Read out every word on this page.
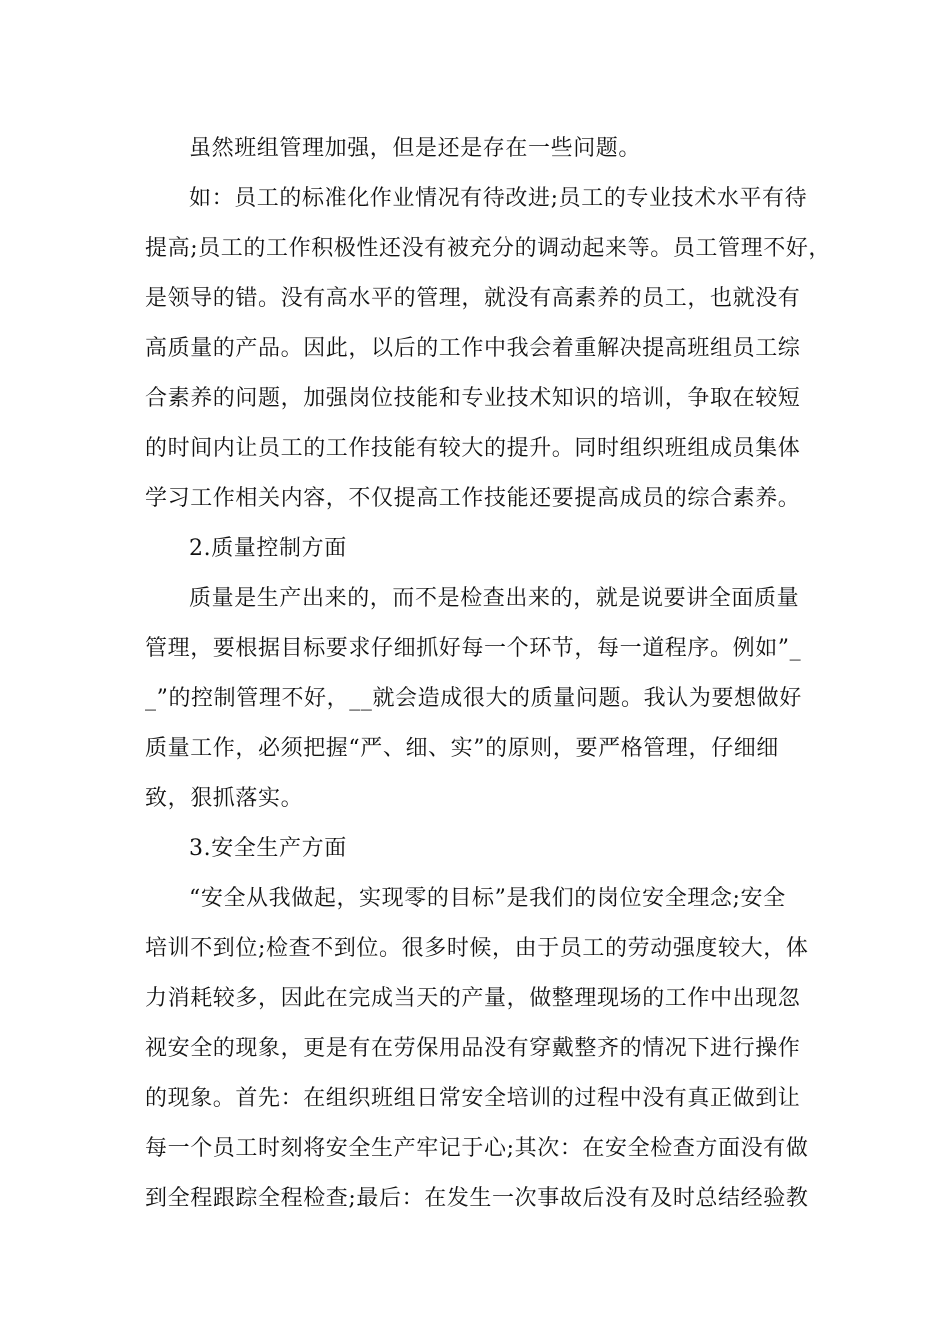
虽然班组管理加强，但是还是存在一些问题。
如：员工的标准化作业情况有待改进;员工的专业技术水平有待
提高;员工的工作积极性还没有被充分的调动起来等。员工管理不好，
是领导的错。没有高水平的管理，就没有高素养的员工，也就没有
高质量的产品。因此，以后的工作中我会着重解决提高班组员工综
合素养的问题，加强岗位技能和专业技术知识的培训，争取在较短
的时间内让员工的工作技能有较大的提升。同时组织班组成员集体
学习工作相关内容，不仅提高工作技能还要提高成员的综合素养。
2.质量控制方面
质量是生产出来的，而不是检查出来的，就是说要讲全面质量
管理，要根据目标要求仔细抓好每一个环节，每一道程序。例如”_
_”的控制管理不好，__就会造成很大的质量问题。我认为要想做好
质量工作，必须把握“严、细、实”的原则，要严格管理，仔细细
致，狠抓落实。
3.安全生产方面
“安全从我做起，实现零的目标”是我们的岗位安全理念;安全
培训不到位;检查不到位。很多时候，由于员工的劳动强度较大，体
力消耗较多，因此在完成当天的产量，做整理现场的工作中出现忽
视安全的现象，更是有在劳保用品没有穿戴整齐的情况下进行操作
的现象。首先：在组织班组日常安全培训的过程中没有真正做到让
每一个员工时刻将安全生产牢记于心;其次：在安全检查方面没有做
到全程跟踪全程检查;最后：在发生一次事故后没有及时总结经验教
